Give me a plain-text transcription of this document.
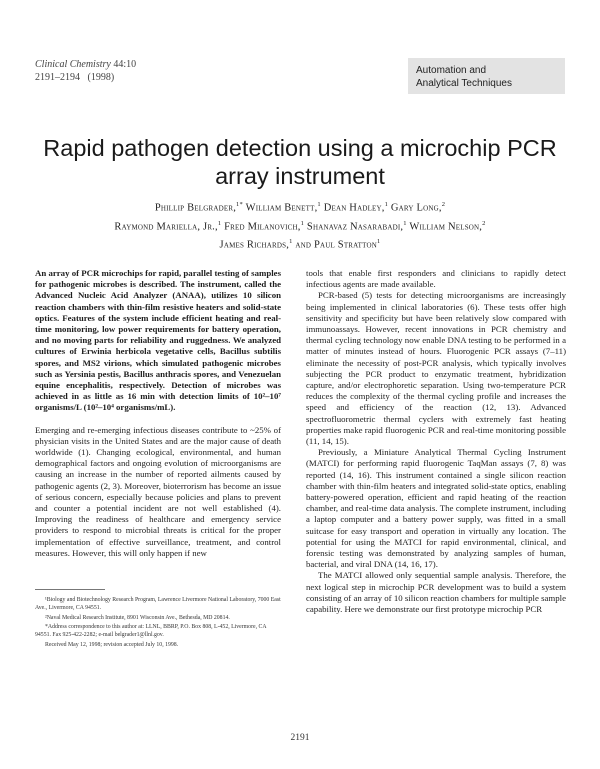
Clinical Chemistry 44:10
2191–2194 (1998)
Automation and
Analytical Techniques
Rapid pathogen detection using a microchip PCR array instrument
Phillip Belgrader,$^{1*}$ William Benett,$^1$ Dean Hadley,$^1$ Gary Long,$^2$
Raymond Mariella, Jr.,$^1$ Fred Milanovich,$^1$ Shanavaz Nasarabadi,$^1$ William Nelson,$^2$
James Richards,$^1$ and Paul Stratton$^1$

An array of PCR microchips for rapid, parallel testing of samples for pathogenic microbes is described. The instrument, called the Advanced Nucleic Acid Analyzer (ANAA), utilizes 10 silicon reaction chambers with thin-film resistive heaters and solid-state optics. Features of the system include efficient heating and real-time monitoring, low power requirements for battery operation, and no moving parts for reliability and ruggedness. We analyzed cultures of Erwinia herbicola vegetative cells, Bacillus subtilis spores, and MS2 virions, which simulated pathogenic microbes such as Yersinia pestis, Bacillus anthracis spores, and Venezuelan equine encephalitis, respectively. Detection of microbes was achieved in as little as 16 min with detection limits of 10²–10⁷ organisms/L (10²–10⁴ organisms/mL).

Emerging and re-emerging infectious diseases contribute to ~25% of physician visits in the United States and are the major cause of death worldwide (1). Changing ecological, environmental, and human demographical factors and ongoing evolution of microorganisms are causing an increase in the number of reported ailments caused by pathogenic agents (2, 3). Moreover, bioterrorism has become an issue of serious concern, especially because policies and plans to prevent and counter a potential incident are not well established (4). Improving the readiness of healthcare and emergency service providers to respond to microbial threats is critical for the proper implementation of effective surveillance, treatment, and control measures. However, this will only happen if new

tools that enable first responders and clinicians to rapidly detect infectious agents are made available.

PCR-based (5) tests for detecting microorganisms are increasingly being implemented in clinical laboratories (6). These tests offer high sensitivity and specificity but have been relatively slow compared with immunoassays. However, recent innovations in PCR chemistry and thermal cycling technology now enable DNA testing to be performed in a matter of minutes instead of hours. Fluorogenic PCR assays (7–11) eliminate the necessity of post-PCR analysis, which typically involves subjecting the PCR product to enzymatic treatment, hybridization capture, and/or electrophoretic separation. Using two-temperature PCR reduces the complexity of the thermal cycling profile and increases the speed and efficiency of the reaction (12, 13). Advanced spectrofluorometric thermal cyclers with extremely fast heating properties make rapid fluorogenic PCR and real-time monitoring possible (11, 14, 15).

Previously, a Miniature Analytical Thermal Cycling Instrument (MATCI) for performing rapid fluorogenic TaqMan assays (7, 8) was reported (14, 16). This instrument contained a single silicon reaction chamber with thin-film heaters and integrated solid-state optics, enabling battery-powered operation, efficient and rapid heating of the reaction chamber, and real-time data analysis. The complete instrument, including a laptop computer and a battery power supply, was fitted in a small suitcase for easy transport and operation in virtually any location. The potential for using the MATCI for rapid environmental, clinical, and forensic testing was demonstrated by analyzing samples of human, bacterial, and viral DNA (14, 16, 17).

The MATCI allowed only sequential sample analysis. Therefore, the next logical step in microchip PCR development was to build a system consisting of an array of 10 silicon reaction chambers for multiple sample capability. Here we demonstrate our first prototype microchip PCR

¹Biology and Biotechnology Research Program, Lawrence Livermore National Laboratory, 7000 East Ave., Livermore, CA 94551.

²Naval Medical Research Institute, 8901 Wisconsin Ave., Bethesda, MD 20814.

*Address correspondence to this author at: LLNL, BBRP, P.O. Box 808, L-452, Livermore, CA 94551. Fax 925-422-2282; e-mail belgrader1@llnl.gov.

Received May 12, 1998; revision accepted July 10, 1998.

2191
